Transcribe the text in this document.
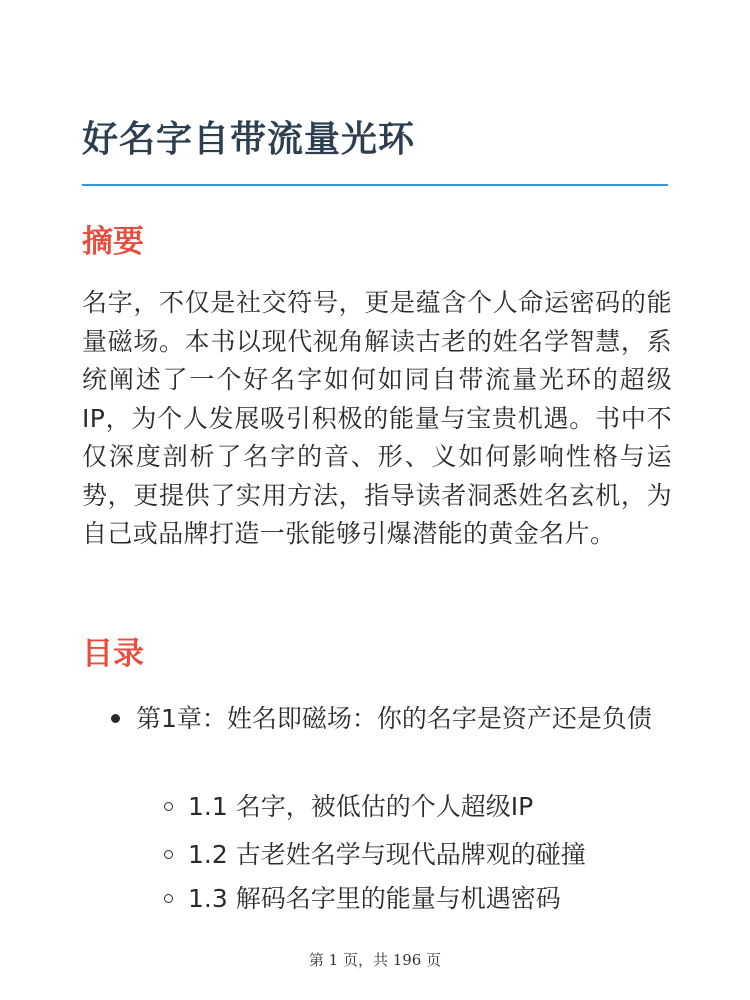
好名字自带流量光环
摘要

名字，不仅是社交符号，更是蕴含个人命运密码的能量磁场。本书以现代视角解读古老的姓名学智慧，系统阐述了一个好名字如何如同自带流量光环的超级IP，为个人发展吸引积极的能量与宝贵机遇。书中不仅深度剖析了名字的音、形、义如何影响性格与运势，更提供了实用方法，指导读者洞悉姓名玄机，为自己或品牌打造一张能够引爆潜能的黄金名片。

目录
第1章：姓名即磁场：你的名字是资产还是负债
1.1 名字，被低估的个人超级IP
1.2 古老姓名学与现代品牌观的碰撞
1.3 解码名字里的能量与机遇密码
第 1 页，共 196 页
